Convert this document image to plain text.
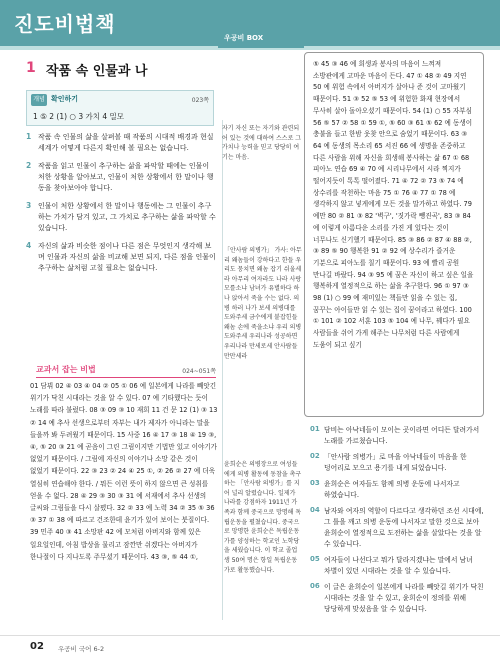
진도비법책
1 작품 속 인물과 나
개념 확인하기	023쪽
1 ⑤ 2 (1) ○ 3 가치 4 밀모
1 작품 속 인물의 삶을 살펴볼 때 작품의 시대적 배경과 현실 세계가 어떻게 다른지 확인해 볼 필요는 없습니다.
2 작품을 읽고 인물이 추구하는 삶을 파악할 때에는 인물이 처한 상황을 알아보고, 인물이 처한 상황에서 한 말이나 행동을 찾아보아야 합니다.
3 인물이 처한 상황에서 한 말이나 행동에는 그 인물이 추구하는 가치가 담겨 있고, 그 가치로 추구하는 삶을 파악할 수 있습니다.
4 자신의 삶과 비슷한 점이나 다른 점은 무엇인지 생각해 보며 인물과 자신의 삶을 비교해 보면 되지, 다른 점을 인물이 추구하는 삶처럼 고칠 필요는 없습니다.
교과서 잡는 비법	024~051쪽
01 담뷔 02 ④ 03 ④ 04 ② 05 ① 06 예 일본에게 나라를 빼앗긴 위기가 닥친 시대라는 것을 알 수 있다. 07 예 기타했다는 듯이 노래를 따라 불렀다. 08 ③ 09 ③ 10 재희 11 건 문 12 (1) ③ 13 ② 14 예 추사 선생으로부터 자부는 내가 제자가 아니라는 말을 들을까 봐 두려웠기 때문이다. 15 사중 16 ④ 17 ③ 18 ④ 19 ③, ④, ⑤ 20 ③ 21 예 곧음이 그린 그림이지만 기법만 있고 이야기가 없었기 때문이다. / 그림에 자신의 이야기나 소망 같은 것이 없었기 때문이다. 22 ③ 23 ② 24 ④ 25 ①, ② 26 ② 27 예 더욱 열심히 연습해야 한다. / 뭐든 이런 뜻이 하지 않으면 큰 성취를 얻을 수 없다. 28 ④ 29 ③ 30 ③ 31 예 서재에서 추사 선생의 글씨와 그림들을 다시 살폈다. 32 ② 33 예 노력 34 ② 35 ⑤ 36 ③ 37 ① 38 예 따르고 건조한데 윤기가 있어 보이는 붓질이다. 39 민주 40 ③ 41 소망판 42 예 모처럼 아버지와 함께 있은 일요일인데, 아침 밥상을 물리고 잠깐만 쉬겠다는 아버지가 한나절이 다 지나도록 주무셨기 때문이다. 43 ③, ⑤ 44 ①,
자기 자신 또는 자기와 관련되어 있는 것에 대하여 스스로 그 가치나 능력을 믿고 당당히 여기는 마음.
「안사람 의병가」 가사: 아무리 왜놈들이 강하다고 한들 우리도 뭉치면 왜놈 잡기 쉬울세라 아무리 여자라도 나라 사랑 모를소냐 남녀가 유별하다 하나 앉아서 죽을 수는 없다. 의병 하러 나가 보세 의병대를 도와주세 금수에게 붙잡힌들 왜놈 손에 죽을소냐 우리 의병 도와주세 우리나라 성공하면 우리나라 만세로세 안사람들 만만세라
윤희순은 의병장으로 여성들에게 의병 활동에 동참을 촉구하는 「안사람 의병가」를 지어 널리 알렸습니다. 일제가 나라를 강점하자 1911년 가족과 함께 중국으로 망명해 독립운동을 펼쳤습니다. 중국으로 망명한 윤희순은 독립운동가를 양성하는 학교인 노학당을 세웠습니다. 이 학교 졸업생 50여 명은 항일 독립운동가로 활동했습니다.
우공비 BOX
⑤ 45 ③ 46 예 희생과 봉사의 마음이 느껴져 소방관에게 고마운 마음이 든다. 47 ① 48 ② 49 지연 50 예 위험 속에서 아버지가 살아나 준 것이 고마웠기 때문이다. 51 ③ 52 ⑤ 53 예 위험한 화재 현장에서 무사히 살아 돌아오셨기 때문이다. 54 (1) ○ 55 자부심 56 ⑤ 57 ② 58 ① 59 ①, ⑤ 60 ③ 61 ⑤ 62 예 동생이 충불을 들고 한밤 웃찾 안으로 숨었기 때문이다. 63 ③ 64 예 동생의 목소리 65 서진 66 예 생명을 존중하고 다른 사람을 위해 자신을 희생해 봉사하는 삶 67 ① 68 피아노 연습 69 ④ 70 예 시리나무에서 시라 찍지가 떨어지듯이 톡톡 떨어졌다. 71 ④ 72 ② 73 ⑤ 74 예 상수리를 작천하는 마음 75 ① 76 ④ 77 ① 78 예 생각하지 않고 넣게에게 모든 것을 말가하고 하였다. 79 예만 80 ② 81 ③ 82 '벽구', '짓가락 뺑진곡', 83 ③ 84 예 이렇게 아름다운 소리를 가진 게 있다는 것이 너무나도 신기했기 때문이다. 85 ③ 86 ② 87 ④ 88 ②, ③ 89 ⑤ 90 행복한 91 ② 92 예 상수리가 즐거운 기분으로 피아노를 칠기 때문이다. 93 예 빨리 공원 만나길 바랐다. 94 ③ 95 예 꿈은 자신이 하고 싶은 일을 행복하게 열정적으로 하는 삶을 추구한다. 96 ① 97 ③ 98 (1) ○ 99 예 재미있는 책들만 읽을 수 있는 집, 꿈꾸는 아이들만 읽 수 있는 집이 꿈이라고 하였다. 100 ① 101 ② 102 서훈 103 ⑤ 104 예 나무, 꿰다가 필요 사람들을 쉬어 가게 해주는 나무처럼 다른 사람에게 도움이 되고 싶기
01 담비는 아낙네들이 모이는 곳이라면 어디든 달려가서 노래를 가르쳤습니다.
02 「안사람 의병가」로 마을 아낙네들이 마음을 한 덩어리로 모으고 용기를 내게 되었습니다.
03 윤희순은 여자들도 함께 의병 운동에 나서자고 하였습니다.
04 남자와 여자의 역할이 다르다고 생각하던 조선 시대에, 그 틀을 깨고 의병 운동에 나서자고 말한 것으로 보아 윤희순이 열정적으로 도전하는 삶을 살았다는 것을 알 수 있습니다.
05 여자들이 나선다고 뭐가 달라지겠냐는 말에서 남녀 차별이 있던 시대라는 것을 알 수 있습니다.
06 이 글은 윤희순이 일본에게 나라를 빼앗길 위기가 닥친 시대라는 것을 알 수 있고, 윤희순이 정의를 위해 당당하게 맞섰음을 알 수 있습니다.
02 우공비 국어 6-2
